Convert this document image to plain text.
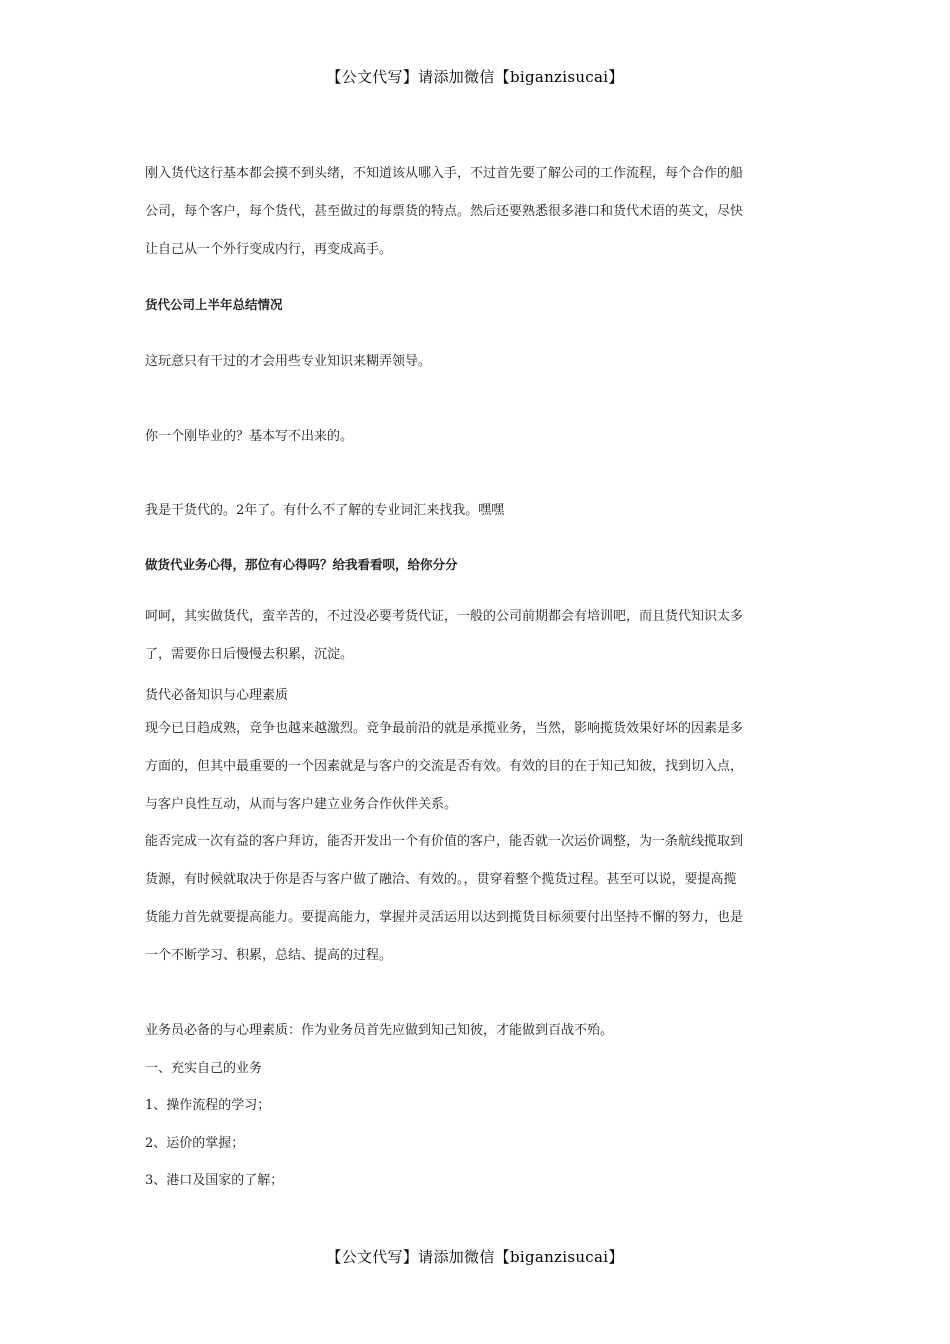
【公文代写】请添加微信【biganzisucai】
刚入货代这行基本都会摸不到头绪，不知道该从哪入手，不过首先要了解公司的工作流程，每个合作的船
公司，每个客户，每个货代，甚至做过的每票货的特点。然后还要熟悉很多港口和货代术语的英文，尽快
让自己从一个外行变成内行，再变成高手。
货代公司上半年总结情况
这玩意只有干过的才会用些专业知识来糊弄领导。
你一个刚毕业的？基本写不出来的。
我是干货代的。2年了。有什么不了解的专业词汇来找我。嘿嘿
做货代业务心得，那位有心得吗？给我看看呗，给你分分
呵呵，其实做货代，蛮辛苦的，不过没必要考货代证，一般的公司前期都会有培训吧，而且货代知识太多
了，需要你日后慢慢去积累，沉淀。
货代必备知识与心理素质
现今已日趋成熟，竞争也越来越激烈。竞争最前沿的就是承揽业务，当然，影响揽货效果好坏的因素是多
方面的，但其中最重要的一个因素就是与客户的交流是否有效。有效的目的在于知己知彼，找到切入点，
与客户良性互动，从而与客户建立业务合作伙伴关系。
能否完成一次有益的客户拜访，能否开发出一个有价值的客户，能否就一次运价调整，为一条航线揽取到
货源，有时候就取决于你是否与客户做了融洽、有效的。，贯穿着整个揽货过程。甚至可以说，要提高揽
货能力首先就要提高能力。要提高能力，掌握并灵活运用以达到揽货目标须要付出坚持不懈的努力，也是
一个不断学习、积累，总结、提高的过程。
业务员必备的与心理素质：作为业务员首先应做到知己知彼，才能做到百战不殆。
一、充实自己的业务
1、操作流程的学习；
2、运价的掌握；
3、港口及国家的了解；
【公文代写】请添加微信【biganzisucai】
